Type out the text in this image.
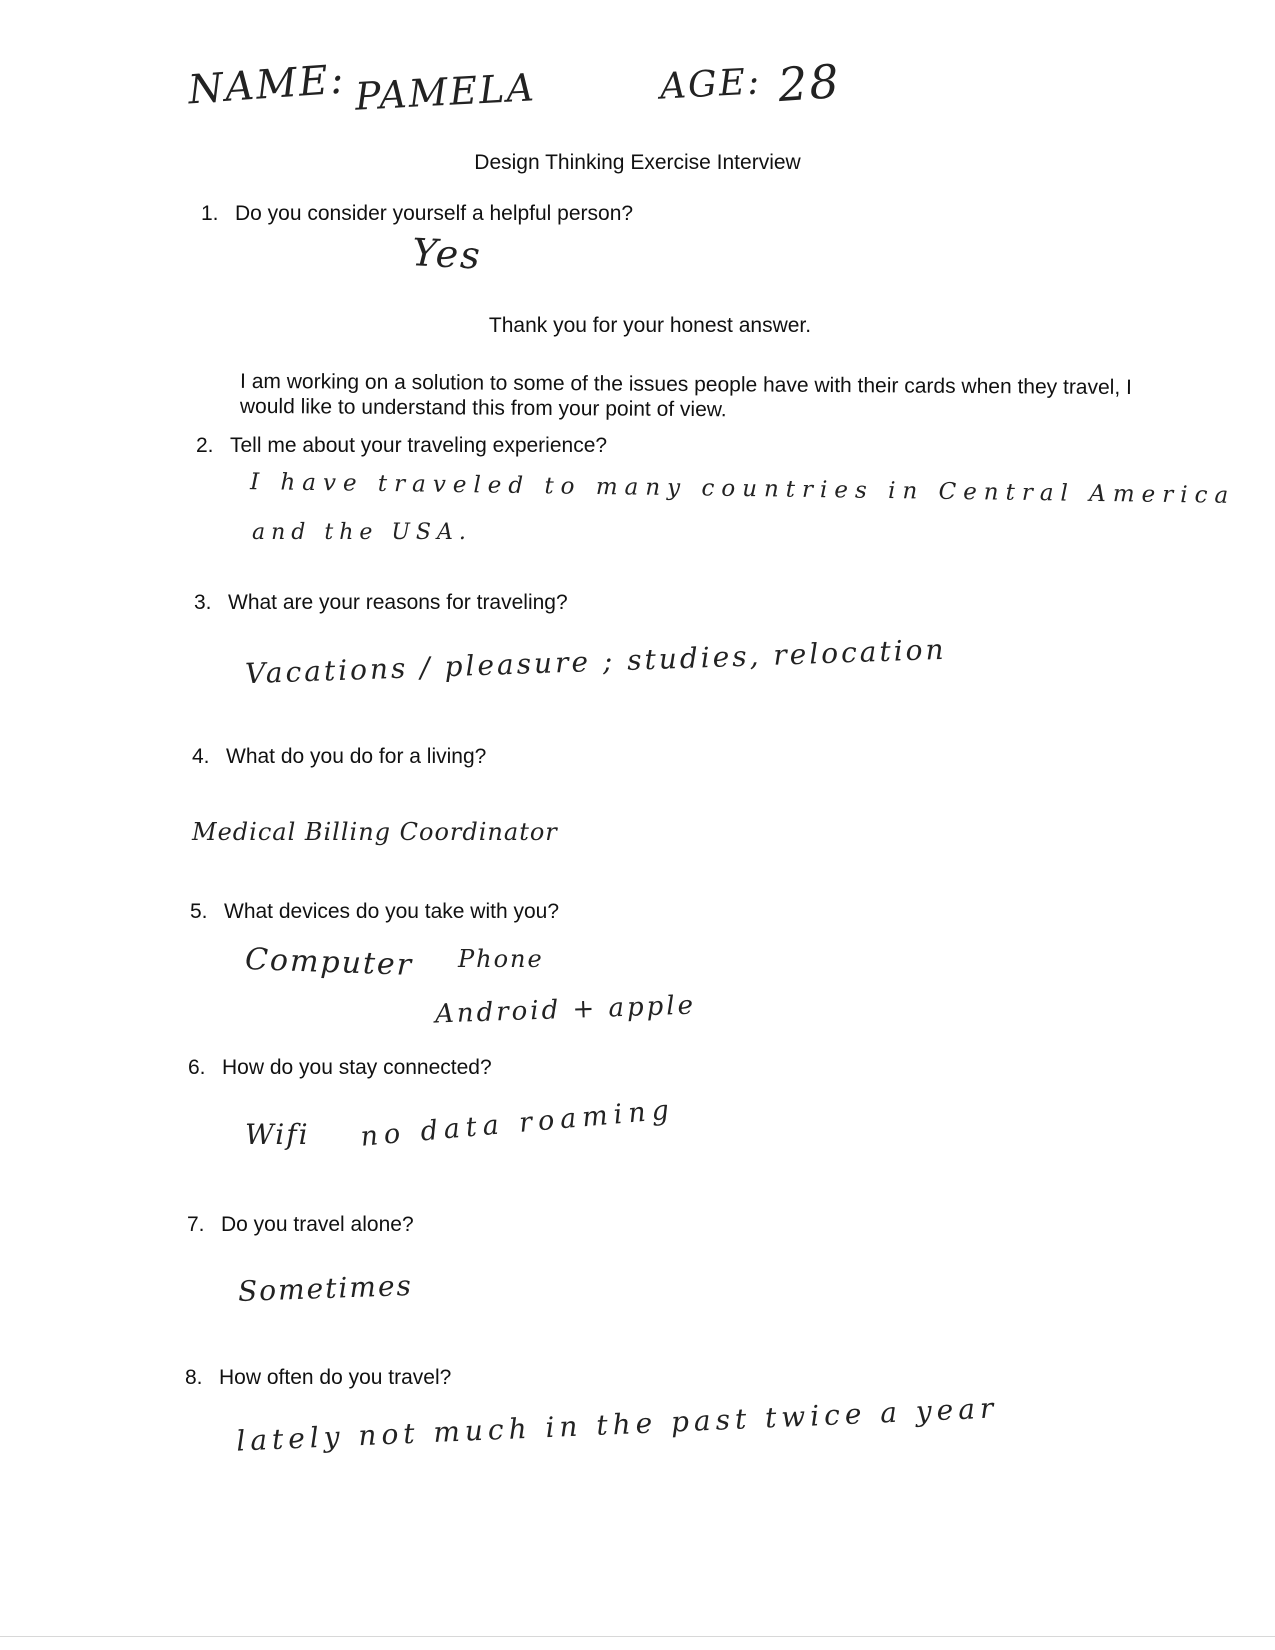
NAME: PAMELA	AGE: 28
Design Thinking Exercise Interview
1. Do you consider yourself a helpful person?
Yes
Thank you for your honest answer.
I am working on a solution to some of the issues people have with their cards when they travel, I would like to understand this from your point of view.
2. Tell me about your traveling experience?
I have traveled to many countries in Central America
and the USA.
3. What are your reasons for traveling?
Vacations / pleasure ; studies, relocation
4. What do you do for a living?
Medical Billing Coordinator
5. What devices do you take with you?
Computer Phone
Android + apple
6. How do you stay connected?
Wifi no data roaming
7. Do you travel alone?
Sometimes
8. How often do you travel?
lately not much in the past twice a year
